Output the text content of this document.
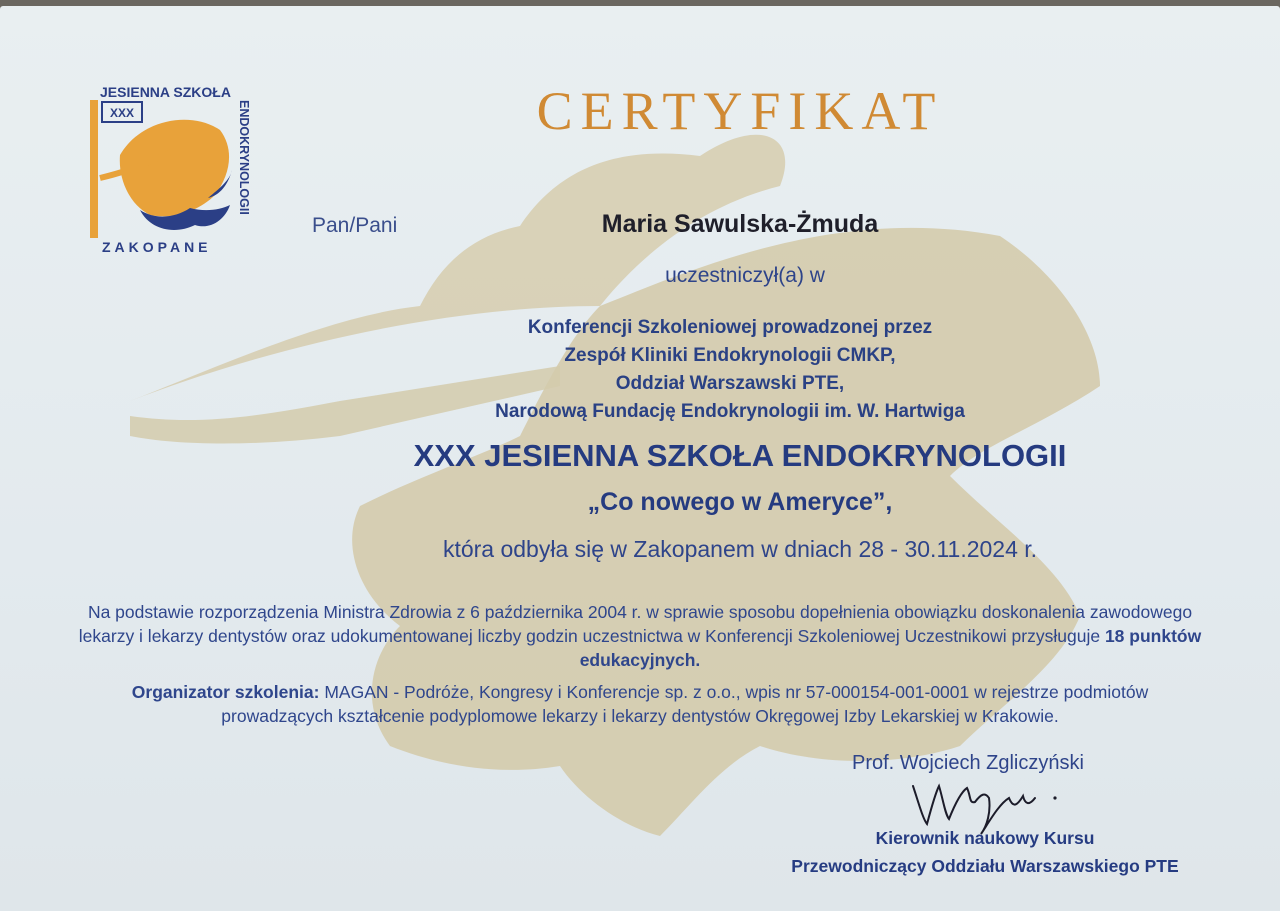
XXX
JESIENNA SZKOŁA
ENDOKRYNOLOGII
ZAKOPANE
CERTYFIKAT

Pan/Pani	Maria Sawulska-Żmuda

uczestniczył(a) w

Konferencji Szkoleniowej prowadzonej przez
Zespół Kliniki Endokrynologii CMKP,
Oddział Warszawski PTE,
Narodową Fundację Endokrynologii im. W. Hartwiga

XXX JESIENNA SZKOŁA ENDOKRYNOLOGII

„Co nowego w Ameryce”,

która odbyła się w Zakopanem w dniach 28 - 30.11.2024 r.

Na podstawie rozporządzenia Ministra Zdrowia z 6 października 2004 r. w sprawie sposobu dopełnienia obowiązku doskonalenia zawodowego lekarzy i lekarzy dentystów oraz udokumentowanej liczby godzin uczestnictwa w Konferencji Szkoleniowej Uczestnikowi przysługuje 18 punktów edukacyjnych.

Organizator szkolenia: MAGAN - Podróże, Kongresy i Konferencje sp. z o.o., wpis nr 57-000154-001-0001 w rejestrze podmiotów prowadzących kształcenie podyplomowe lekarzy i lekarzy dentystów Okręgowej Izby Lekarskiej w Krakowie.

Prof. Wojciech Zgliczyński

Kierownik naukowy Kursu

Przewodniczący Oddziału Warszawskiego PTE
